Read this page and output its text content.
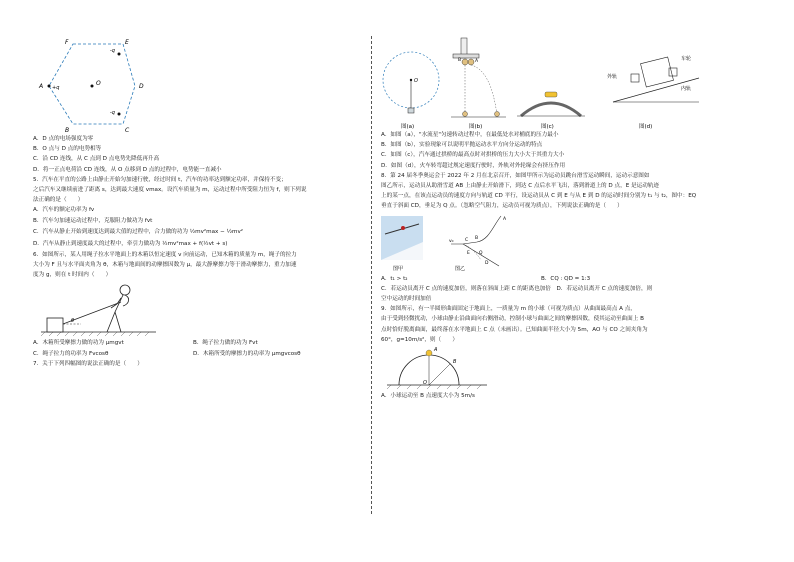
F	E
-q
D
A +q
O
-q
B	C
A．D 点的电场强度为零
B．O 点与 D 点的电势相等
C．沿 CD 连线，从 C 点到 D 点电势先降低再升高
D．将一正点电荷沿 CD 连线，从 O 点移到 D 点的过程中，电势能一直减小
5．汽车在平直的公路上由静止开始匀加速行驶，经过时间 t，汽车的功率达到额定功率，并保持不变；
之后汽车又继续前进了距离 s，达到最大速度 vmax。设汽车质量为 m，运动过程中所受阻力恒为 f，则下列说
法正确的是（　　）
A．汽车的额定功率为 fv
B．汽车匀加速运动过程中，克服阻力做功为 fvt
C．汽车从静止开始到速度达到最大值的过程中，合力做的功为 ½mv²max − ½mv²
D．汽车从静止到速度最大的过程中，牵引力做功为 ½mv²max + f(½vt + s)
6．如图所示，某人用绳子拉水平地面上的木箱以恒定速度 v 向前运动，已知木箱的质量为 m，绳子的拉力
大小为 F 且与水平面夹角为 θ，木箱与地面间的动摩擦因数为 μ，最大静摩擦力等于滑动摩擦力，重力加速
度为 g，则在 t 时间内（　　）
θ
A．木箱所受摩擦力做的功为 μmgvt	B．绳子拉力做的功为 Fvt
C．绳子拉力的功率为 Fvcosθ	D．木箱所受的摩擦力的功率为 μmgvcosθ
7．关于下列四幅图的说法正确的是（　　）
O
图(a)
A
B
图(b)	图(c)
外轨
车轮
内轨
图(d)
A．如图（a），"水流星"匀速转动过程中，在最低处水对桶底的压力最小
B．如图（b），实验现象可以说明平抛运动水平方向分运动的特点
C．如图（c），汽车通过拱桥的最高点时对拱桥的压力大小大于其重力大小
D．如图（d），火车转弯超过规定速度行驶时，外轨对外轮缘会有挤压作用
8．第 24 届冬季奥运会于 2022 年 2 月在北京召开，如图甲所示为运动员跳台滑雪运动瞬间，运动示意图如
图乙所示，运动员从助滑雪道 AB 上由静止开始滑下，到达 C 点后水平飞出，落到滑道上的 D 点，E 是运动轨迹
上的某一点，在该点运动员的速度方向与轨道 CD 平行，设运动员从 C 到 E 与从 E 到 D 的运动时间分别为 t₁ 与 t₂，图中：EQ
垂直于斜面 CD，垂足为 Q 点。（忽略空气阻力，运动员可视为质点），下列说法正确的是（　　）
图甲
A
B
C
E Q
D
v₀
图乙
A．t₁ > t₂	B．CQ : QD = 1:3
C．若运动员离开 C 点的速度加倍，则落在斜面上距 C 的距离也加倍　D．若运动员离开 C 点的速度加倍，则
空中运动的时间加倍
9．如图所示，有一半圆形曲面固定于地面上，一质量为 m 的小球（可视为质点）从曲面最高点 A 点，
由于受到轻微扰动，小球由静止沿曲面向右侧滑动，控制小球与曲面之间的摩擦因数，使其运动至曲面上 B
点时恰好脱离曲面，最终落在水平地面上 C 点（未画出）。已知曲面半径大小为 5m，AO 与 CO 之间夹角为
60°，g=10m/s²，则（　　）
A
B
O
A．小球运动至 B 点速度大小为 5m/s
